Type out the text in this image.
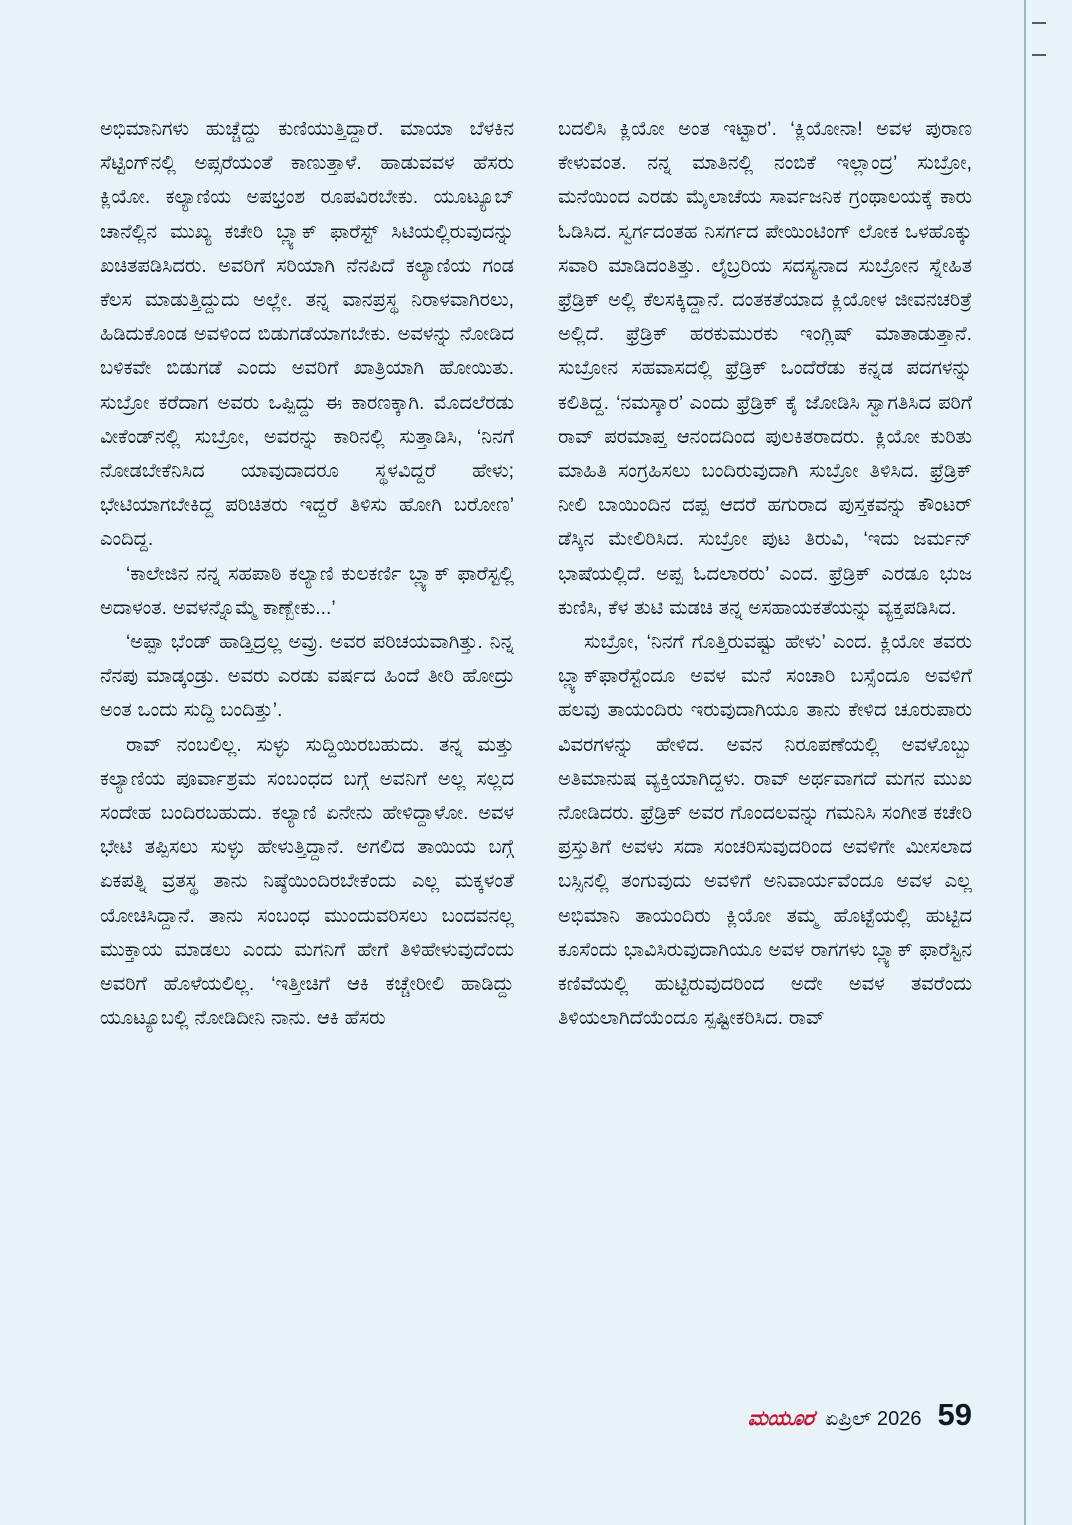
ಅಭಿಮಾನಿಗಳು ಹುಚ್ಚೆದ್ದು ಕುಣಿಯುತ್ತಿದ್ದಾರೆ. ಮಾಯಾ ಬೆಳಕಿನ ಸೆಟ್ಟಿಂಗ್‌ನಲ್ಲಿ ಅಪ್ಸರೆಯಂತೆ ಕಾಣುತ್ತಾಳೆ. ಹಾಡುವವಳ ಹೆಸರು ಕ್ಲಿಯೋ. ಕಲ್ಯಾಣಿಯ ಅಪಭ್ರಂಶ ರೂಪವಿರಬೇಕು. ಯೂಟ್ಯೂಬ್ ಚಾನೆಲ್ಲಿನ ಮುಖ್ಯ ಕಚೇರಿ ಬ್ಲ್ಯಾಕ್ ಫಾರೆಸ್ಟ್ ಸಿಟಿಯಲ್ಲಿರುವುದನ್ನು ಖಚಿತಪಡಿಸಿದರು. ಅವರಿಗೆ ಸರಿಯಾಗಿ ನೆನಪಿದೆ ಕಲ್ಯಾಣಿಯ ಗಂಡ ಕೆಲಸ ಮಾಡುತ್ತಿದ್ದುದು ಅಲ್ಲೇ. ತನ್ನ ವಾನಪ್ರಸ್ಥ ನಿರಾಳವಾಗಿರಲು, ಹಿಡಿದುಕೊಂಡ ಅವಳಿಂದ ಬಿಡುಗಡೆಯಾಗಬೇಕು. ಅವಳನ್ನು ನೋಡಿದ ಬಳಿಕವೇ ಬಿಡುಗಡೆ ಎಂದು ಅವರಿಗೆ ಖಾತ್ರಿಯಾಗಿ ಹೋಯಿತು. ಸುಬ್ರೋ ಕರೆದಾಗ ಅವರು ಒಪ್ಪಿದ್ದು ಈ ಕಾರಣಕ್ಕಾಗಿ. ಮೊದಲೆರಡು ವೀಕೆಂಡ್‌ನಲ್ಲಿ ಸುಬ್ರೋ, ಅವರನ್ನು ಕಾರಿನಲ್ಲಿ ಸುತ್ತಾಡಿಸಿ, ‘ನಿನಗೆ ನೋಡಬೇಕೆನಿಸಿದ ಯಾವುದಾದರೂ ಸ್ಥಳವಿದ್ದರೆ ಹೇಳು; ಭೇಟಿಯಾಗಬೇಕಿದ್ದ ಪರಿಚಿತರು ಇದ್ದರೆ ತಿಳಿಸು ಹೋಗಿ ಬರೋಣ’ ಎಂದಿದ್ದ.

‘ಕಾಲೇಜಿನ ನನ್ನ ಸಹಪಾಠಿ ಕಲ್ಯಾಣಿ ಕುಲಕರ್ಣಿ ಬ್ಲ್ಯಾಕ್ ಫಾರೆಸ್ಟಲ್ಲಿ ಅದಾಳಂತ. ಅವಳನ್ನೊಮ್ಮೆ ಕಾಣ್ಬೇಕು...’

‘ಅಪ್ಪಾ ಭೆಂಡ್ ಹಾಡ್ತಿದ್ರಲ್ಲ ಅವ್ರು. ಅವರ ಪರಿಚಯವಾಗಿತ್ತು. ನಿನ್ನ ನೆನಪು ಮಾಡ್ಕಂಡ್ರು. ಅವರು ಎರಡು ವರ್ಷದ ಹಿಂದೆ ತೀರಿ ಹೋದ್ರು ಅಂತ ಒಂದು ಸುದ್ದಿ ಬಂದಿತ್ತು’.

ರಾವ್ ನಂಬಲಿಲ್ಲ. ಸುಳ್ಳು ಸುದ್ದಿಯಿರಬಹುದು. ತನ್ನ ಮತ್ತು ಕಲ್ಯಾಣಿಯ ಪೂರ್ವಾಶ್ರಮ ಸಂಬಂಧದ ಬಗ್ಗೆ ಅವನಿಗೆ ಅಲ್ಲ ಸಲ್ಲದ ಸಂದೇಹ ಬಂದಿರಬಹುದು. ಕಲ್ಯಾಣಿ ಏನೇನು ಹೇಳಿದ್ದಾಳೋ. ಅವಳ ಭೇಟಿ ತಪ್ಪಿಸಲು ಸುಳ್ಳು ಹೇಳುತ್ತಿದ್ದಾನೆ. ಅಗಲಿದ ತಾಯಿಯ ಬಗ್ಗೆ ಏಕಪತ್ನಿ ವ್ರತಸ್ಥ ತಾನು ನಿಷ್ಠೆಯಿಂದಿರಬೇಕೆಂದು ಎಲ್ಲ ಮಕ್ಕಳಂತೆ ಯೋಚಿಸಿದ್ದಾನೆ. ತಾನು ಸಂಬಂಧ ಮುಂದುವರಿಸಲು ಬಂದವನಲ್ಲ ಮುಕ್ತಾಯ ಮಾಡಲು ಎಂದು ಮಗನಿಗೆ ಹೇಗೆ ತಿಳಿಹೇಳುವುದೆಂದು ಅವರಿಗೆ ಹೊಳೆಯಲಿಲ್ಲ. ‘ಇತ್ತೀಚಿಗೆ ಆಕಿ ಕಚ್ಚೇರೀಲಿ ಹಾಡಿದ್ದು ಯೂಟ್ಯೂಬಲ್ಲಿ ನೋಡಿದೀನಿ ನಾನು. ಆಕಿ ಹೆಸರು

ಬದಲಿಸಿ ಕ್ಲಿಯೋ ಅಂತ ಇಟ್ಟಾರ’. ‘ಕ್ಲಿಯೋನಾ! ಅವಳ ಪುರಾಣ ಕೇಳುವಂತ. ನನ್ನ ಮಾತಿನಲ್ಲಿ ನಂಬಿಕೆ ಇಲ್ಲಾಂದ್ರ’ ಸುಬ್ರೋ, ಮನೆಯಿಂದ ಎರಡು ಮೈಲಾಚೆಯ ಸಾರ್ವಜನಿಕ ಗ್ರಂಥಾಲಯಕ್ಕೆ ಕಾರು ಓಡಿಸಿದ. ಸ್ವರ್ಗದಂತಹ ನಿಸರ್ಗದ ಪೇಯಿಂಟಿಂಗ್ ಲೋಕ ಒಳಹೊಕ್ಕು ಸವಾರಿ ಮಾಡಿದಂತಿತ್ತು. ಲೈಬ್ರರಿಯ ಸದಸ್ಯನಾದ ಸುಬ್ರೋನ ಸ್ನೇಹಿತ ಫ್ರೆಡ್ರಿಕ್ ಅಲ್ಲಿ ಕೆಲಸಕ್ಕಿದ್ದಾನೆ. ದಂತಕತೆಯಾದ ಕ್ಲಿಯೋಳ ಜೀವನಚರಿತ್ರೆ ಅಲ್ಲಿದೆ. ಫ್ರೆಡ್ರಿಕ್ ಹರಕುಮುರಕು ಇಂಗ್ಲಿಷ್ ಮಾತಾಡುತ್ತಾನೆ. ಸುಬ್ರೋನ ಸಹವಾಸದಲ್ಲಿ ಫ್ರೆಡ್ರಿಕ್ ಒಂದೆರೆಡು ಕನ್ನಡ ಪದಗಳನ್ನು ಕಲಿತಿದ್ದ. ‘ನಮಸ್ಕಾರ’ ಎಂದು ಫ್ರೆಡ್ರಿಕ್ ಕೈ ಜೋಡಿಸಿ ಸ್ವಾಗತಿಸಿದ ಪರಿಗೆ ರಾವ್ ಪರಮಾಪ್ತ ಆನಂದದಿಂದ ಪುಲಕಿತರಾದರು. ಕ್ಲಿಯೋ ಕುರಿತು ಮಾಹಿತಿ ಸಂಗ್ರಹಿಸಲು ಬಂದಿರುವುದಾಗಿ ಸುಬ್ರೋ ತಿಳಿಸಿದ. ಫ್ರೆಡ್ರಿಕ್ ನೀಲಿ ಬಾಯಿಂದಿನ ದಪ್ಪ ಆದರೆ ಹಗುರಾದ ಪುಸ್ತಕವನ್ನು ಕೌಂಟರ್ ಡೆಸ್ಕಿನ ಮೇಲಿರಿಸಿದ. ಸುಬ್ರೋ ಪುಟ ತಿರುವಿ, ‘ಇದು ಜರ್ಮನ್ ಭಾಷೆಯಲ್ಲಿದೆ. ಅಪ್ಪ ಓದಲಾರರು’ ಎಂದ. ಫ್ರೆಡ್ರಿಕ್ ಎರಡೂ ಭುಜ ಕುಣಿಸಿ, ಕೆಳ ತುಟಿ ಮಡಚಿ ತನ್ನ ಅಸಹಾಯಕತೆಯನ್ನು ವ್ಯಕ್ತಪಡಿಸಿದ.

ಸುಬ್ರೋ, ‘ನಿನಗೆ ಗೊತ್ತಿರುವಷ್ಟು ಹೇಳು’ ಎಂದ. ಕ್ಲಿಯೋ ತವರು ಬ್ಲ್ಯಾಕ್‌ಫಾರೆಸ್ಟೆಂದೂ ಅವಳ ಮನೆ ಸಂಚಾರಿ ಬಸ್ಸೆಂದೂ ಅವಳಿಗೆ ಹಲವು ತಾಯಂದಿರು ಇರುವುದಾಗಿಯೂ ತಾನು ಕೇಳಿದ ಚೂರುಪಾರು ವಿವರಗಳನ್ನು ಹೇಳಿದ. ಅವನ ನಿರೂಪಣೆಯಲ್ಲಿ ಅವಳೊಬ್ಬು ಅತಿಮಾನುಷ ವ್ಯಕ್ತಿಯಾಗಿದ್ದಳು. ರಾವ್ ಅರ್ಥವಾಗದೆ ಮಗನ ಮುಖ ನೋಡಿದರು. ಫ್ರೆಡ್ರಿಕ್ ಅವರ ಗೊಂದಲವನ್ನು ಗಮನಿಸಿ ಸಂಗೀತ ಕಚೇರಿ ಪ್ರಸ್ತುತಿಗೆ ಅವಳು ಸದಾ ಸಂಚರಿಸುವುದರಿಂದ ಅವಳಿಗೇ ಮೀಸಲಾದ ಬಸ್ಸಿನಲ್ಲಿ ತಂಗುವುದು ಅವಳಿಗೆ ಅನಿವಾರ್ಯವೆಂದೂ ಅವಳ ಎಲ್ಲ ಅಭಿಮಾನಿ ತಾಯಂದಿರು ಕ್ಲಿಯೋ ತಮ್ಮ ಹೊಟ್ಟೆಯಲ್ಲಿ ಹುಟ್ಟಿದ ಕೂಸೆಂದು ಭಾವಿಸಿರುವುದಾಗಿಯೂ ಅವಳ ರಾಗಗಳು ಬ್ಲ್ಯಾಕ್ ಫಾರೆಸ್ಟಿನ ಕಣಿವೆಯಲ್ಲಿ ಹುಟ್ಟಿರುವುದರಿಂದ ಅದೇ ಅವಳ ತವರೆಂದು ತಿಳಿಯಲಾಗಿದೆಯೆಂದೂ ಸ್ಪಷ್ಟೀಕರಿಸಿದ. ರಾವ್

ಮಯೂರ ಏಪ್ರಿಲ್ 2026 59
